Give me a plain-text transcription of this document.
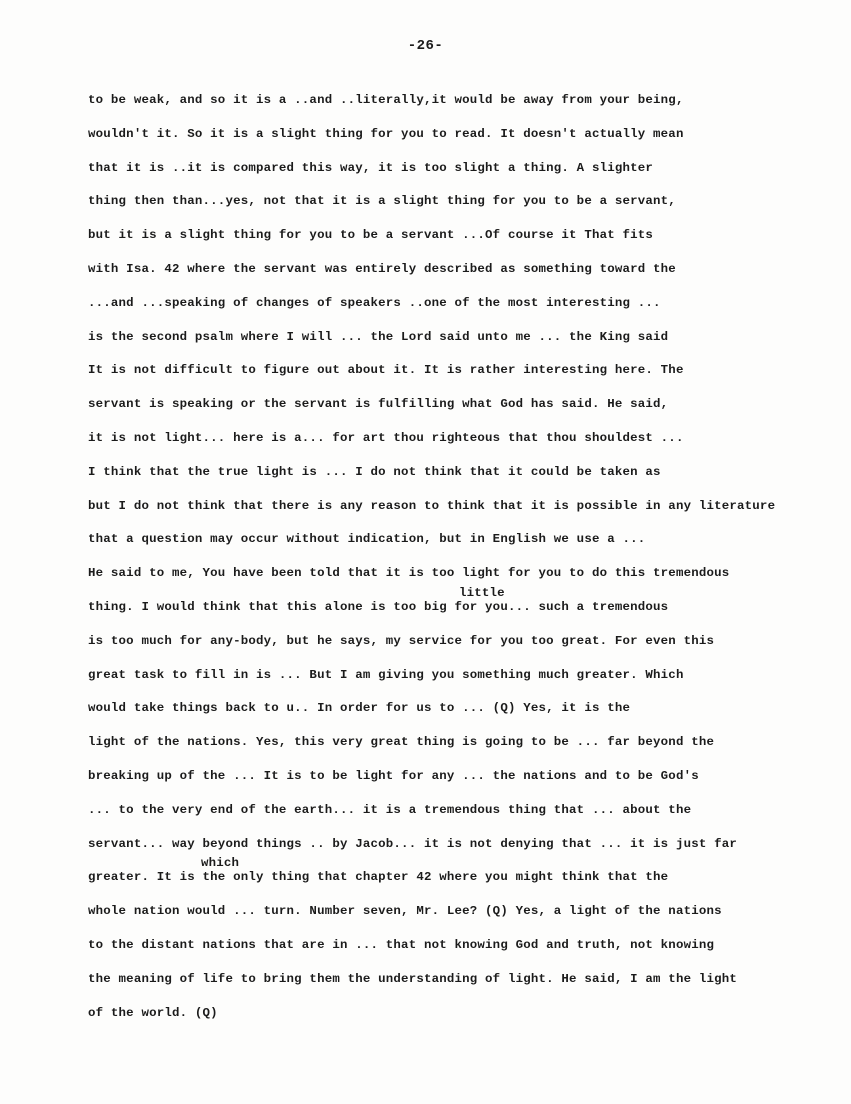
-26-
to be weak, and so it is a ..and ..literally,it would be away from your being,
wouldn't it. So it is a slight thing for you to read. It doesn't actually mean
that it is ..it is compared this way, it is too slight a thing. A slighter
thing then than...yes, not that it is a slight thing for you to be a servant,
but it is a slight thing for you to be a servant ...Of course it That fits
with Isa. 42 where the servant was entirely described as something toward the
...and ...speaking of changes of speakers ..one of the most interesting ...
is the second psalm where I will ... the Lord said unto me ... the King said
It is not difficult to figure out about it. It is rather interesting here. The
servant is speaking or the servant is fulfilling what God has said. He said,
it is not light... here is a... for art thou righteous that thou shouldest ...
I think that the true light is ... I do not think that it could be taken as
but I do not think that there is any reason to think that it is possible in any literature
that a question may occur without indication, but in English we use a ...
He said to me, You have been told that it is too light for you to do this tremendous
little
thing. I would think that this alone is too big for you... such a tremendous
is too much for any-body, but he says, my service for you too great. For even this
great task to fill in is ... But I am giving you something much greater. Which
would take things back to u.. In order for us to ... (Q) Yes, it is the
light of the nations. Yes, this very great thing is going to be ... far beyond the
breaking up of the ... It is to be light for any ... the nations and to be God's
... to the very end of the earth... it is a tremendous thing that ... about the
servant... way beyond things .. by Jacob... it is not denying that ... it is just far
which
greater. It is the only thing that chapter 42 where you might think that the
whole nation would ... turn. Number seven, Mr. Lee? (Q) Yes, a light of the nations
to the distant nations that are in ... that not knowing God and truth, not knowing
the meaning of life to bring them the understanding of light. He said, I am the light
of the world. (Q)
